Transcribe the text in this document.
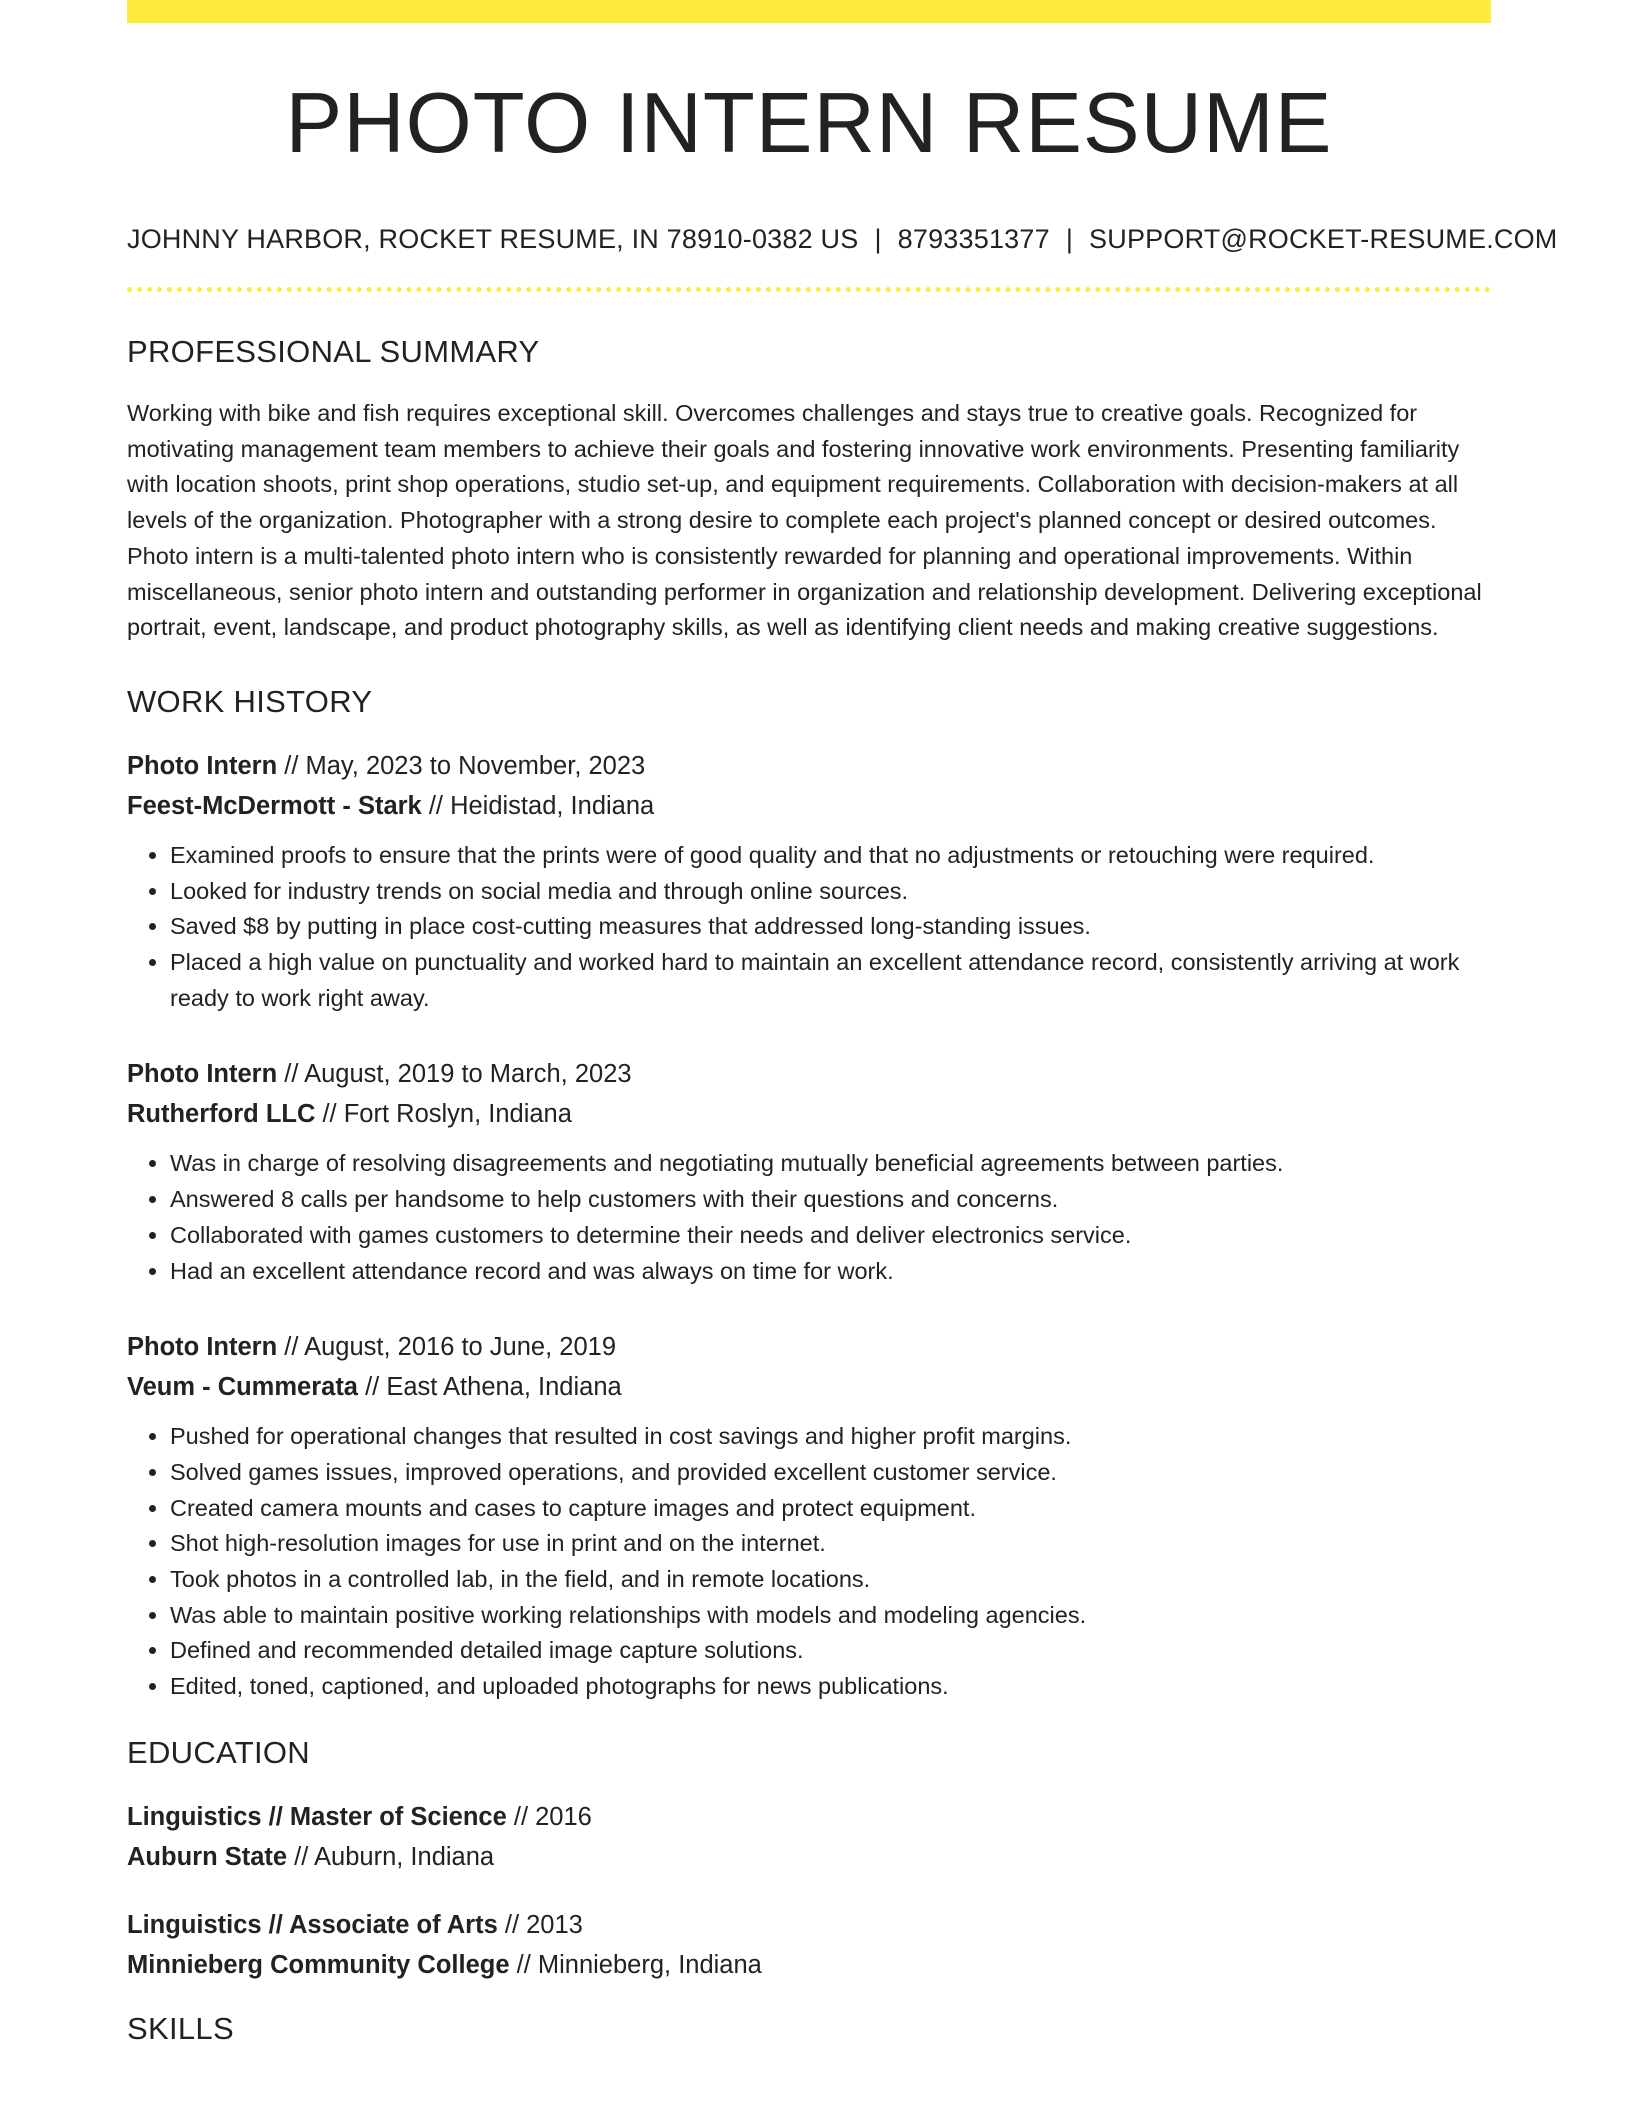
PHOTO INTERN RESUME
JOHNNY HARBOR, ROCKET RESUME, IN 78910-0382 US | 8793351377 | SUPPORT@ROCKET-RESUME.COM
PROFESSIONAL SUMMARY

Working with bike and fish requires exceptional skill. Overcomes challenges and stays true to creative goals. Recognized for motivating management team members to achieve their goals and fostering innovative work environments. Presenting familiarity with location shoots, print shop operations, studio set-up, and equipment requirements. Collaboration with decision-makers at all levels of the organization. Photographer with a strong desire to complete each project's planned concept or desired outcomes. Photo intern is a multi-talented photo intern who is consistently rewarded for planning and operational improvements. Within miscellaneous, senior photo intern and outstanding performer in organization and relationship development. Delivering exceptional portrait, event, landscape, and product photography skills, as well as identifying client needs and making creative suggestions.

WORK HISTORY
Photo Intern // May, 2023 to November, 2023
Feest-McDermott - Stark // Heidistad, Indiana
• Examined proofs to ensure that the prints were of good quality and that no adjustments or retouching were required.
• Looked for industry trends on social media and through online sources.
• Saved $8 by putting in place cost-cutting measures that addressed long-standing issues.
• Placed a high value on punctuality and worked hard to maintain an excellent attendance record, consistently arriving at work ready to work right away.
Photo Intern // August, 2019 to March, 2023
Rutherford LLC // Fort Roslyn, Indiana
• Was in charge of resolving disagreements and negotiating mutually beneficial agreements between parties.
• Answered 8 calls per handsome to help customers with their questions and concerns.
• Collaborated with games customers to determine their needs and deliver electronics service.
• Had an excellent attendance record and was always on time for work.
Photo Intern // August, 2016 to June, 2019
Veum - Cummerata // East Athena, Indiana
• Pushed for operational changes that resulted in cost savings and higher profit margins.
• Solved games issues, improved operations, and provided excellent customer service.
• Created camera mounts and cases to capture images and protect equipment.
• Shot high-resolution images for use in print and on the internet.
• Took photos in a controlled lab, in the field, and in remote locations.
• Was able to maintain positive working relationships with models and modeling agencies.
• Defined and recommended detailed image capture solutions.
• Edited, toned, captioned, and uploaded photographs for news publications.
EDUCATION
Linguistics // Master of Science // 2016
Auburn State // Auburn, Indiana
Linguistics // Associate of Arts // 2013
Minnieberg Community College // Minnieberg, Indiana
SKILLS
